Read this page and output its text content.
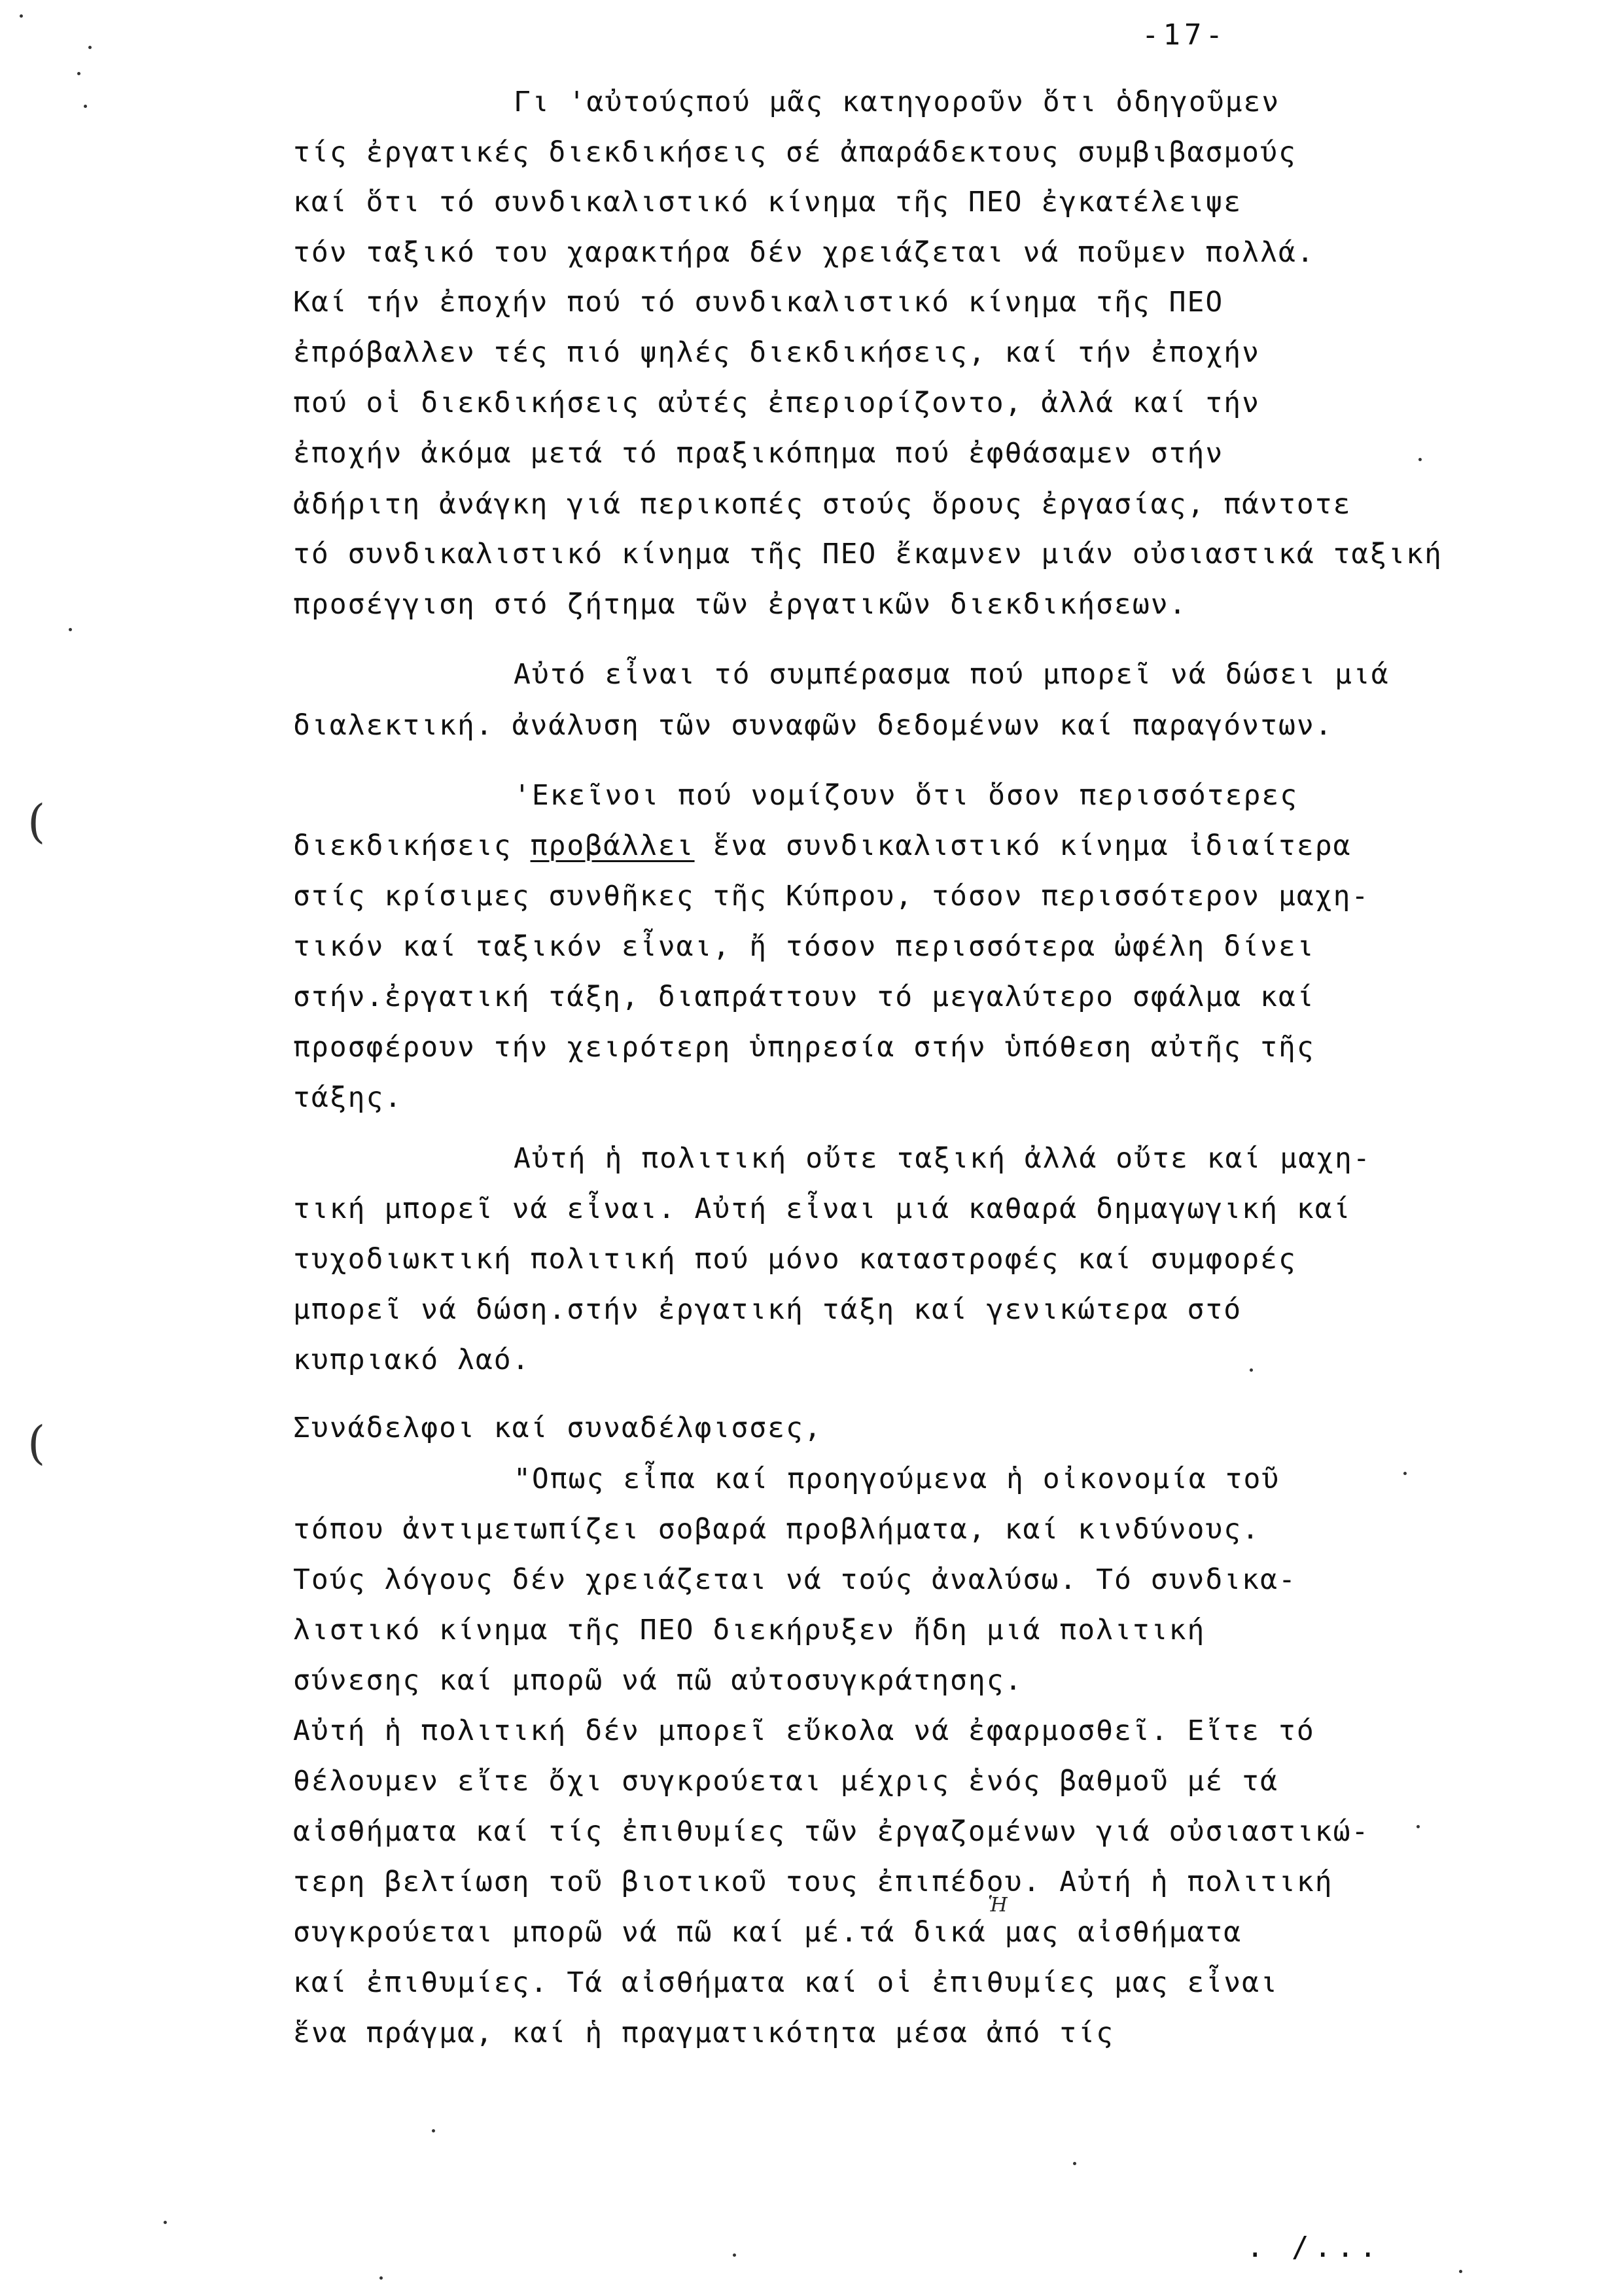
-17-
Γι 'αὐτούςπού μᾶς κατηγοροῦν ὅτι ὁδηγοῦμεν
τίς ἐργατικές διεκδικήσεις σέ ἀπαράδεκτους συμβιβασμούς
καί ὅτι τό συνδικαλιστικό κίνημα τῆς ΠΕΟ ἐγκατέλειψε
τόν ταξικό του χαρακτήρα δέν χρειάζεται νά ποῦμεν πολλά.
Καί τήν ἐποχήν πού τό συνδικαλιστικό κίνημα τῆς ΠΕΟ
ἐπρόβαλλεν τές πιό ψηλές διεκδικήσεις, καί τήν ἐποχήν
πού οἱ διεκδικήσεις αὐτές ἐπεριορίζοντο, ἀλλά καί τήν
ἐποχήν ἀκόμα μετά τό πραξικόπημα πού ἐφθάσαμεν στήν
ἀδήριτη ἀνάγκη γιά περικοπές στούς ὅρους ἐργασίας, πάντοτε
τό συνδικαλιστικό κίνημα τῆς ΠΕΟ ἔκαμνεν μιάν οὐσιαστικά ταξική
προσέγγιση στό ζήτημα τῶν ἐργατικῶν διεκδικήσεων.
Αὐτό εἶναι τό συμπέρασμα πού μπορεῖ νά δώσει μιά
διαλεκτική. ἀνάλυση τῶν συναφῶν δεδομένων καί παραγόντων.
'Εκεῖνοι πού νομίζουν ὅτι ὅσον περισσότερες
διεκδικήσεις προβάλλει ἕνα συνδικαλιστικό κίνημα ἰδιαίτερα
στίς κρίσιμες συνθῆκες τῆς Κύπρου, τόσον περισσότερον μαχη-
τικόν καί ταξικόν εἶναι, ἤ τόσον περισσότερα ὠφέλη δίνει
στήν.ἐργατική τάξη, διαπράττουν τό μεγαλύτερο σφάλμα καί
προσφέρουν τήν χειρότερη ὑπηρεσία στήν ὑπόθεση αὐτῆς τῆς
τάξης.
Αὐτή ἡ πολιτική οὔτε ταξική ἀλλά οὔτε καί μαχη-
τική μπορεῖ νά εἶναι. Αὐτή εἶναι μιά καθαρά δημαγωγική καί
τυχοδιωκτική πολιτική πού μόνο καταστροφές καί συμφορές
μπορεῖ νά δώση.στήν ἐργατική τάξη καί γενικώτερα στό
κυπριακό λαό.
Συνάδελφοι καί συναδέλφισσες,
"Οπως εἶπα καί προηγούμενα ἡ οἰκονομία τοῦ
τόπου ἀντιμετωπίζει σοβαρά προβλήματα, καί κινδύνους.
Τούς λόγους δέν χρειάζεται νά τούς ἀναλύσω. Τό συνδικα-
λιστικό κίνημα τῆς ΠΕΟ διεκήρυξεν ἤδη μιά πολιτική
σύνεσης καί μπορῶ νά πῶ αὐτοσυγκράτησης.
Αὐτή ἡ πολιτική δέν μπορεῖ εὔκολα νά ἐφαρμοσθεῖ. Εἴτε τό
θέλουμεν εἴτε ὄχι συγκρούεται μέχρις ἑνός βαθμοῦ μέ τά
αἰσθήματα καί τίς ἐπιθυμίες τῶν ἐργαζομένων γιά οὐσιαστικώ-
τερη βελτίωση τοῦ βιοτικοῦ τους ἐπιπέδου. Αὐτή ἡ πολιτική
συγκρούεται μπορῶ νά πῶ καί μέ.τά δικά μας αἰσθήματα
καί ἐπιθυμίες. Τά αἰσθήματα καί οἱ ἐπιθυμίες μας εἶναι
ἕνα πράγμα, καί ἡ πραγματικότητα μέσα ἀπό τίς
Ἡ
. /...
(
(
